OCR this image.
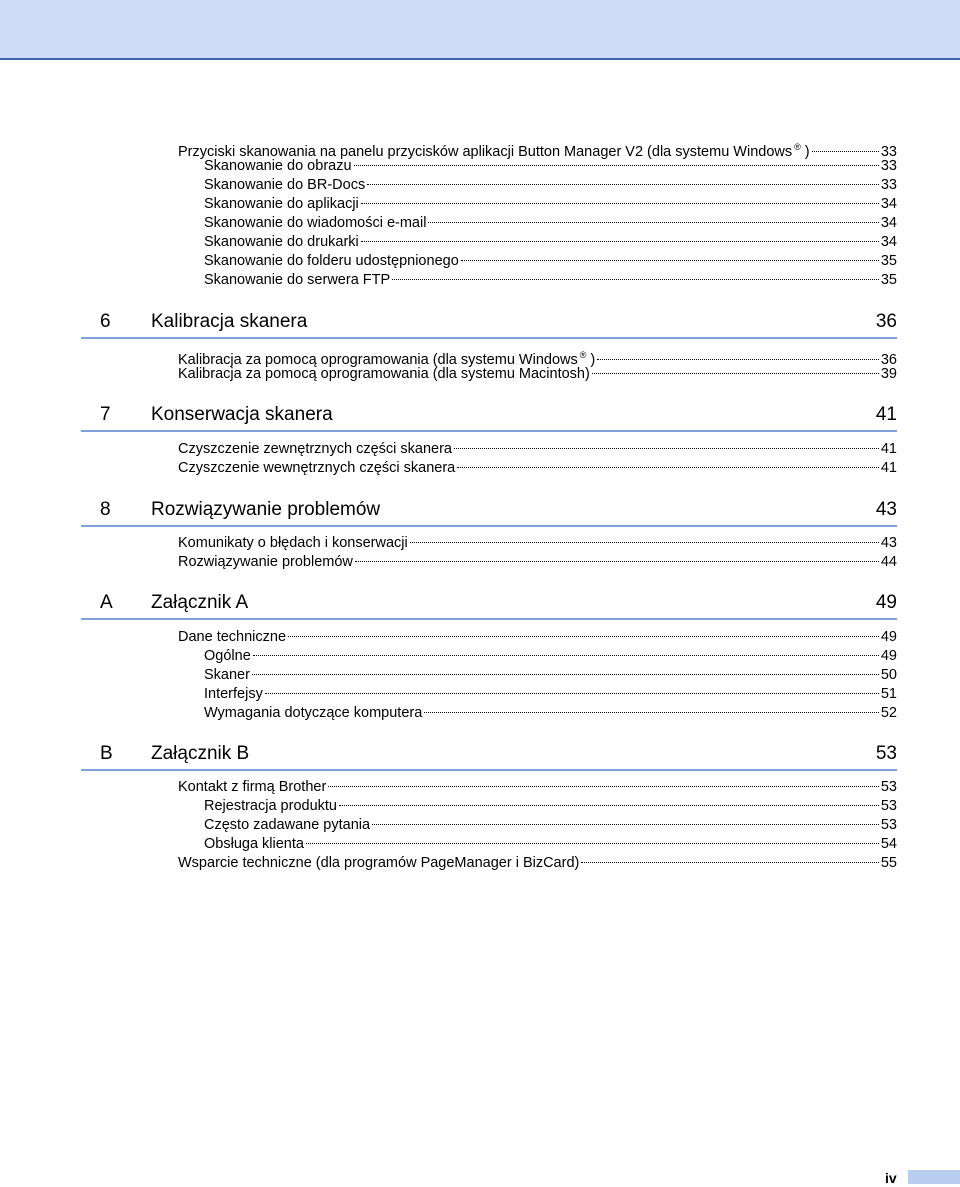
Przyciski skanowania na panelu przycisków aplikacji Button Manager V2 (dla systemu Windows ® )	33
Skanowanie do obrazu	33
Skanowanie do BR-Docs	33
Skanowanie do aplikacji	34
Skanowanie do wiadomości e-mail	34
Skanowanie do drukarki	34
Skanowanie do folderu udostępnionego	35
Skanowanie do serwera FTP	35
6 Kalibracja skanera	36
Kalibracja za pomocą oprogramowania (dla systemu Windows ® )	36
Kalibracja za pomocą oprogramowania (dla systemu Macintosh)	39
7 Konserwacja skanera	41
Czyszczenie zewnętrznych części skanera	41
Czyszczenie wewnętrznych części skanera	41
8 Rozwiązywanie problemów	43
Komunikaty o błędach i konserwacji	43
Rozwiązywanie problemów	44
A Załącznik A	49
Dane techniczne	49
Ogólne	49
Skaner	50
Interfejsy	51
Wymagania dotyczące komputera	52
B Załącznik B	53
Kontakt z firmą Brother	53
Rejestracja produktu	53
Często zadawane pytania	53
Obsługa klienta	54
Wsparcie techniczne (dla programów PageManager i BizCard)	55
iv
